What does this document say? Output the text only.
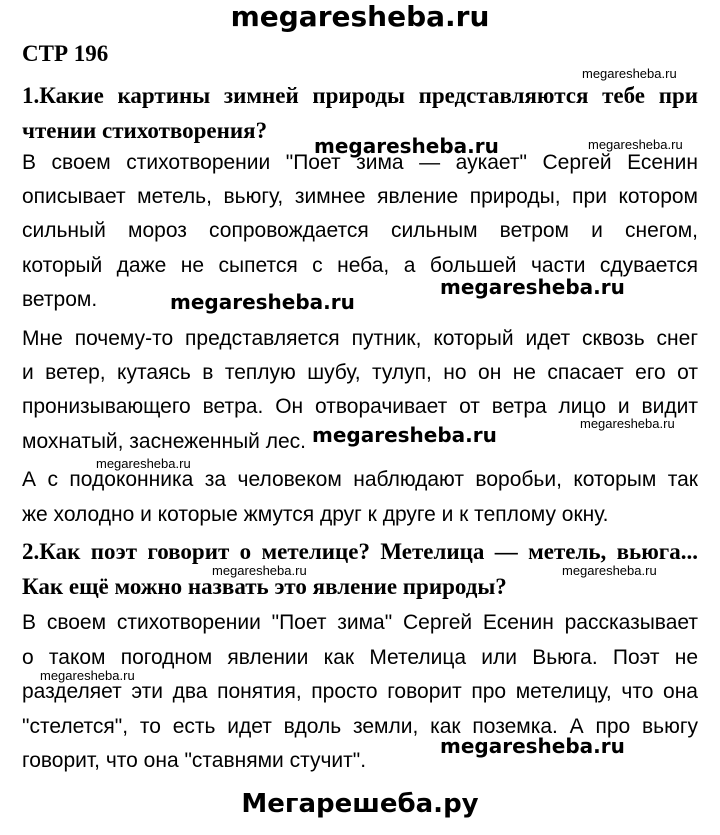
megaresheba.ru
СТР 196
1.Какие картины зимней природы представляются тебе при
чтении стихотворения?
В своем стихотворении "Поет зима — аукает" Сергей Есенин
описывает метель, вьюгу, зимнее явление природы, при котором
сильный мороз сопровождается сильным ветром и снегом,
который даже не сыпется с неба, а большей части сдувается
ветром.
Мне почему-то представляется путник, который идет сквозь снег
и ветер, кутаясь в теплую шубу, тулуп, но он не спасает его от
пронизывающего ветра. Он отворачивает от ветра лицо и видит
мохнатый, заснеженный лес.
А с подоконника за человеком наблюдают воробьи, которым так
же холодно и которые жмутся друг к друге и к теплому окну.
2.Как поэт говорит о метелице? Метелица — метель, вьюга...
Как ещё можно назвать это явление природы?
В своем стихотворении "Поет зима" Сергей Есенин рассказывает
о таком погодном явлении как Метелица или Вьюга. Поэт не
разделяет эти два понятия, просто говорит про метелицу, что она
"стелется", то есть идет вдоль земли, как поземка. А про вьюгу
говорит, что она "ставнями стучит".
megaresheba.ru
megaresheba.ru	megaresheba.ru
megaresheba.ru
megaresheba.ru
megaresheba.ru	megaresheba.ru
megaresheba.ru
megaresheba.ru	megaresheba.ru
megaresheba.ru
megaresheba.ru
Мегарешеба.ру
